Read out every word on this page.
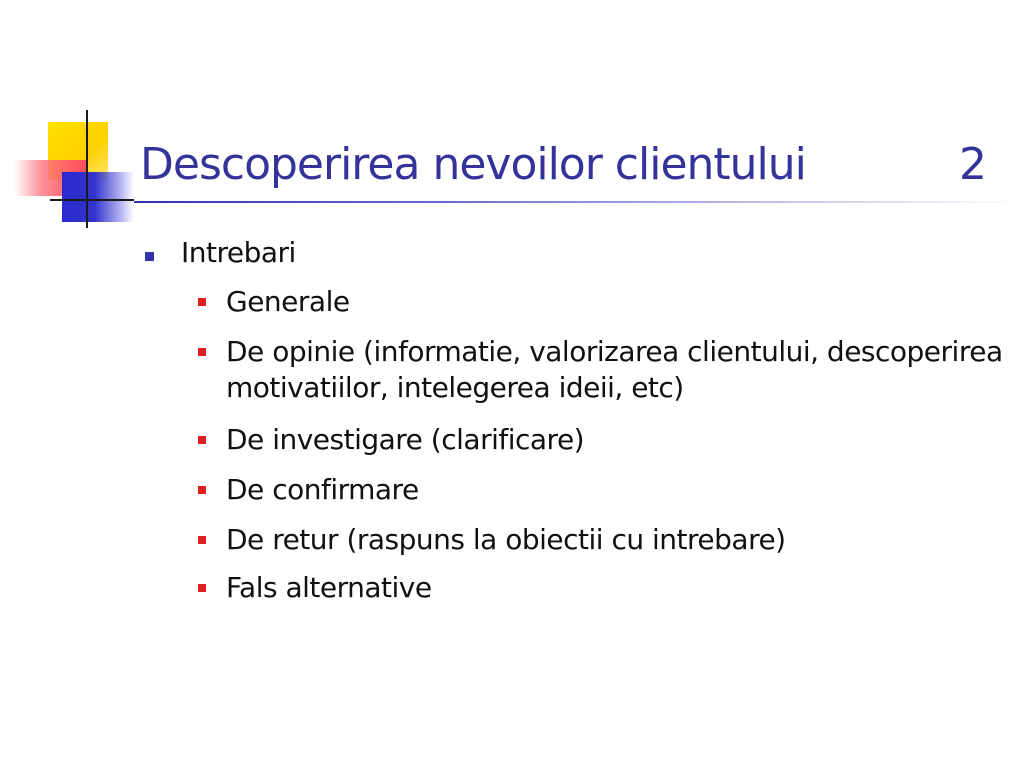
Descoperirea nevoilor clientului	2
Intrebari
Generale
De opinie (informatie, valorizarea clientului, descoperirea motivatiilor, intelegerea ideii, etc)
De investigare (clarificare)
De confirmare
De retur (raspuns la obiectii cu intrebare)
Fals alternative
